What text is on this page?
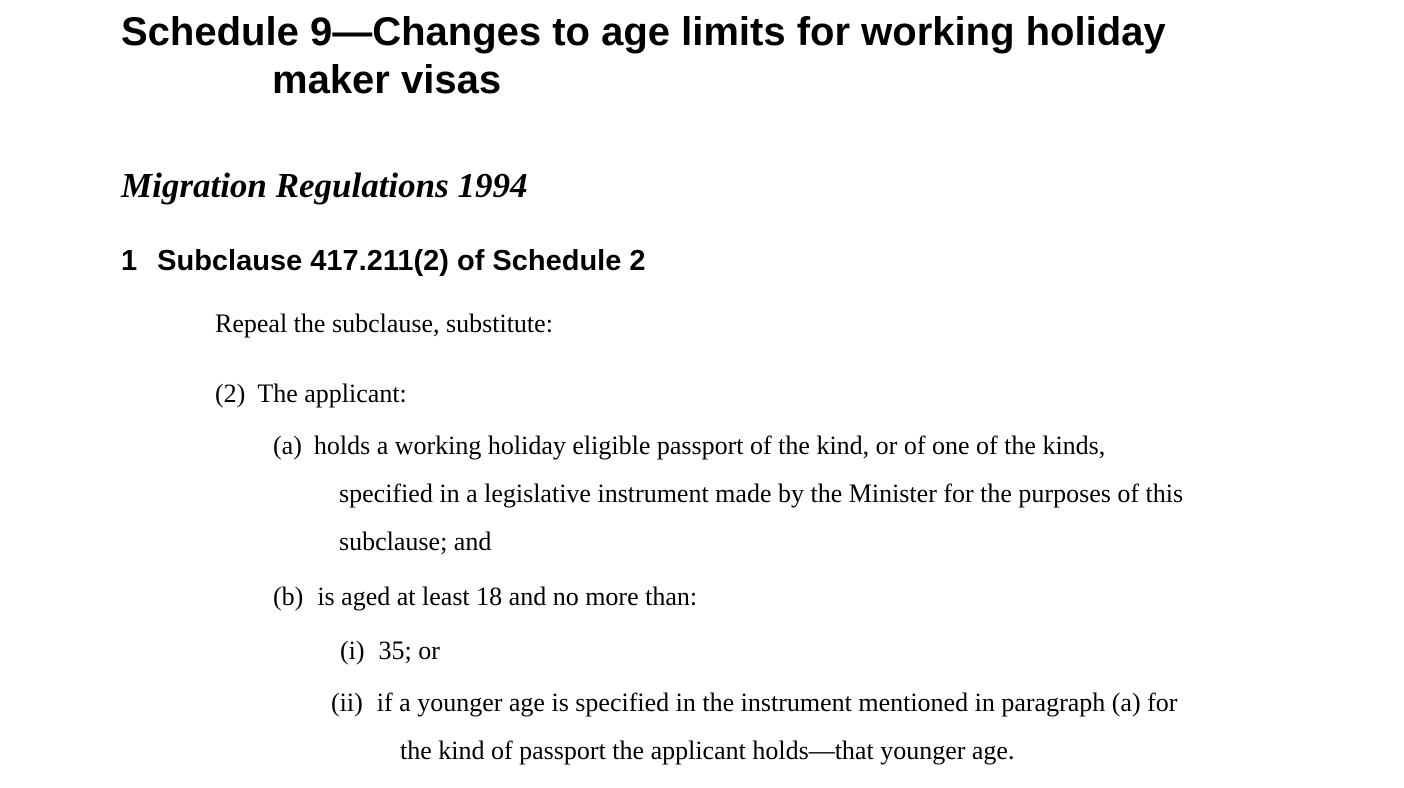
Schedule 9—Changes to age limits for working holiday
maker visas
Migration Regulations 1994
1 Subclause 417.211(2) of Schedule 2
Repeal the subclause, substitute:
(2) The applicant:
(a) holds a working holiday eligible passport of the kind, or of one of the kinds,
specified in a legislative instrument made by the Minister for the purposes of this
subclause; and
(b) is aged at least 18 and no more than:
(i) 35; or
(ii) if a younger age is specified in the instrument mentioned in paragraph (a) for
the kind of passport the applicant holds—that younger age.
